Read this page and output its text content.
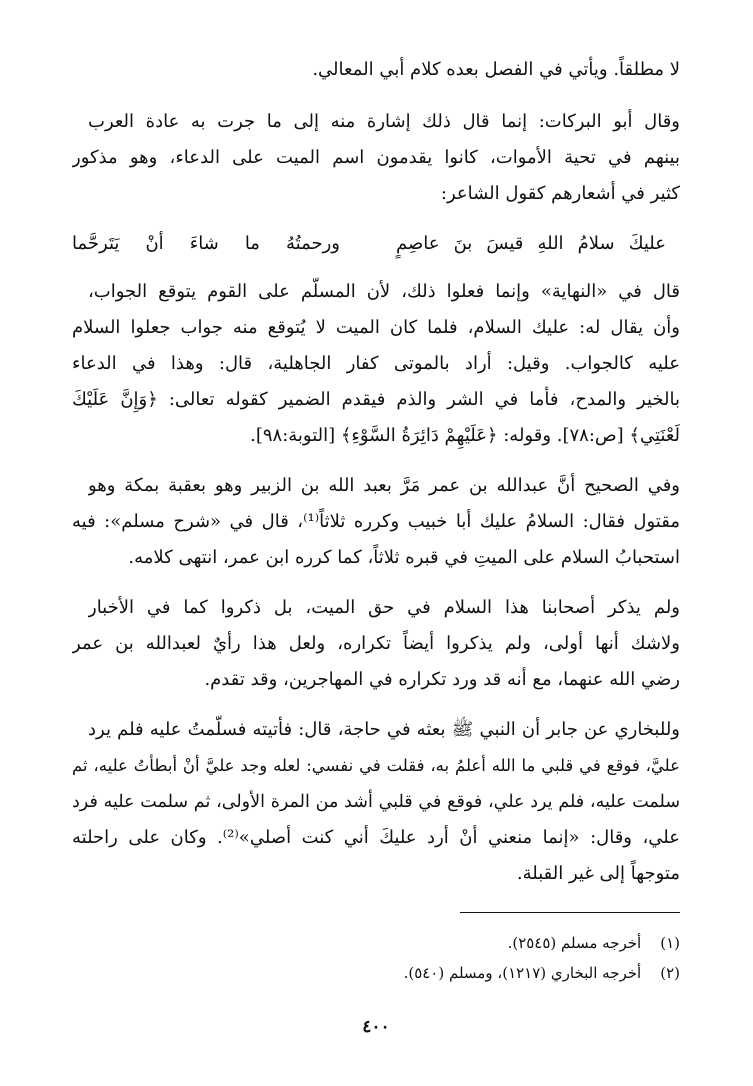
لا مطلقاً. ويأتي في الفصل بعده كلام أبي المعالي.
وقال أبو البركات: إنما قال ذلك إشارة منه إلى ما جرت به عادة العرب
بينهم في تحية الأموات، كانوا يقدمون اسم الميت على الدعاء، وهو مذكور
كثير في أشعارهم كقول الشاعر:
عليكَ سلامُ اللهِ قيسَ بنَ عاصِمٍ
ورحمتُهُ ما شاءَ أنْ يَتَرحَّما
قال في «النهاية» وإنما فعلوا ذلك، لأن المسلّم على القوم يتوقع الجواب،
وأن يقال له: عليك السلام، فلما كان الميت لا يُتوقع منه جواب جعلوا السلام
عليه كالجواب. وقيل: أراد بالموتى كفار الجاهلية، قال: وهذا في الدعاء
بالخير والمدح، فأما في الشر والذم فيقدم الضمير كقوله تعالى: ﴿وَإِنَّ عَلَيْكَ
لَعْنَتِي﴾ [ص:٧٨]. وقوله: ﴿عَلَيْهِمْ دَائِرَةُ السَّوْءِ﴾ [التوبة:٩٨].
وفي الصحيح أنَّ عبدالله بن عمر مَرَّ بعبد الله بن الزبير وهو بعقبة بمكة وهو
مقتول فقال: السلامُ عليك أبا خبيب وكرره ثلاثاً⁽¹⁾، قال في «شرح مسلم»: فيه
استحبابُ السلام على الميتِ في قبره ثلاثاً، كما كرره ابن عمر، انتهى كلامه.
ولم يذكر أصحابنا هذا السلام في حق الميت، بل ذكروا كما في الأخبار
ولاشك أنها أولى، ولم يذكروا أيضاً تكراره، ولعل هذا رأيٌ لعبدالله بن عمر
رضي الله عنهما، مع أنه قد ورد تكراره في المهاجرين، وقد تقدم.
وللبخاري عن جابر أن النبي ﷺ بعثه في حاجة، قال: فأتيته فسلّمتُ عليه فلم يرد
عليَّ، فوقع في قلبي ما الله أعلمُ به، فقلت في نفسي: لعله وجد عليَّ أنْ أبطأتُ عليه، ثم
سلمت عليه، فلم يرد علي، فوقع في قلبي أشد من المرة الأولى، ثم سلمت عليه فرد
علي، وقال: «إنما منعني أنْ أرد عليكَ أني كنت أصلي»⁽²⁾. وكان على راحلته
متوجهاً إلى غير القبلة.
(١) أخرجه مسلم (٢٥٤٥).
(٢) أخرجه البخاري (١٢١٧)، ومسلم (٥٤٠).
٤٠٠
